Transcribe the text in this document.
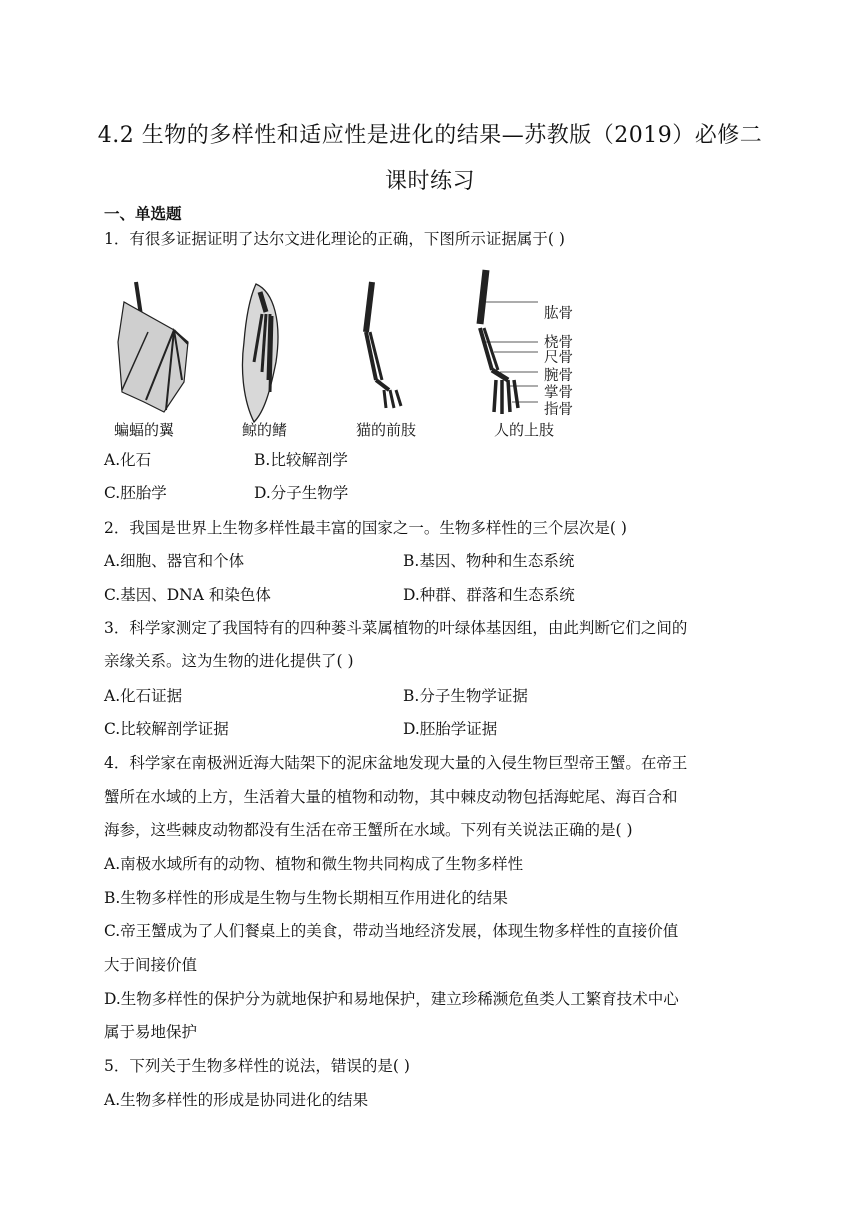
4.2 生物的多样性和适应性是进化的结果—苏教版（2019）必修二
课时练习
一、单选题
1．有很多证据证明了达尔文进化理论的正确，下图所示证据属于( )
肱骨
桡骨
尺骨
腕骨
掌骨
指骨
蝙蝠的翼	鲸的鳍	猫的前肢	人的上肢
A.化石	B.比较解剖学
C.胚胎学	D.分子生物学
2．我国是世界上生物多样性最丰富的国家之一。生物多样性的三个层次是( )
A.细胞、器官和个体	B.基因、物种和生态系统
C.基因、DNA 和染色体	D.种群、群落和生态系统
3．科学家测定了我国特有的四种蒌斗菜属植物的叶绿体基因组，由此判断它们之间的
亲缘关系。这为生物的进化提供了( )
A.化石证据	B.分子生物学证据
C.比较解剖学证据	D.胚胎学证据
4．科学家在南极洲近海大陆架下的泥床盆地发现大量的入侵生物巨型帝王蟹。在帝王
蟹所在水域的上方，生活着大量的植物和动物，其中棘皮动物包括海蛇尾、海百合和
海参，这些棘皮动物都没有生活在帝王蟹所在水域。下列有关说法正确的是( )
A.南极水域所有的动物、植物和微生物共同构成了生物多样性
B.生物多样性的形成是生物与生物长期相互作用进化的结果
C.帝王蟹成为了人们餐桌上的美食，带动当地经济发展，体现生物多样性的直接价值
大于间接价值
D.生物多样性的保护分为就地保护和易地保护，建立珍稀濒危鱼类人工繁育技术中心
属于易地保护
5．下列关于生物多样性的说法，错误的是( )
A.生物多样性的形成是协同进化的结果
